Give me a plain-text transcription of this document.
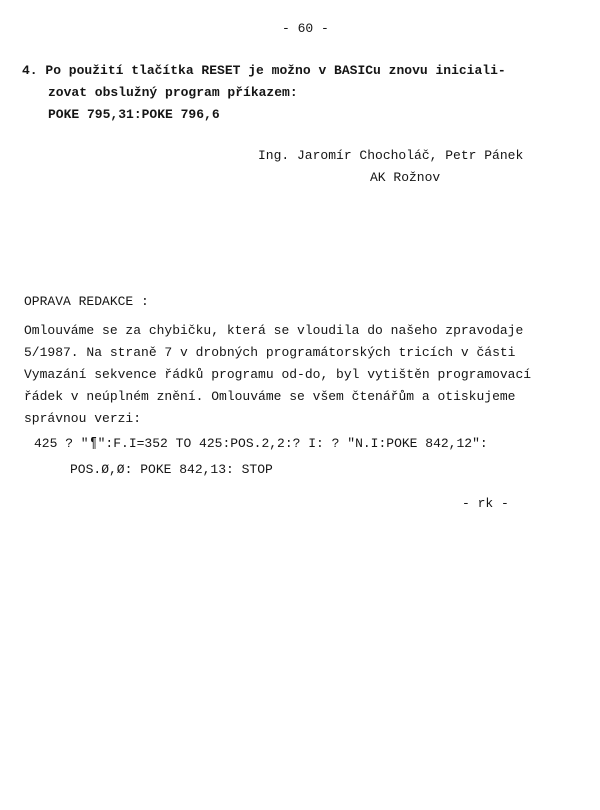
- 60 -
4. Po použití tlačítka RESET je možno v BASICu znovu iniciali-
zovat obslužný program příkazem:
POKE 795,31:POKE 796,6
Ing. Jaromír Chocholáč, Petr Pánek
AK Rožnov
OPRAVA REDAKCE :
Omlouváme se za chybičku, která se vloudila do našeho zpravodaje
5/1987. Na straně 7 v drobných programátorských tricích v části
Vymazání sekvence řádků programu od-do, byl vytištěn programovací
řádek v neúplném znění. Omlouváme se všem čtenářům a otiskujeme
správnou verzi:
425 ? "¶":F.I=352 TO 425:POS.2,2:? I: ? "N.I:POKE 842,12":
POS.Ø,Ø: POKE 842,13: STOP
- rk -
